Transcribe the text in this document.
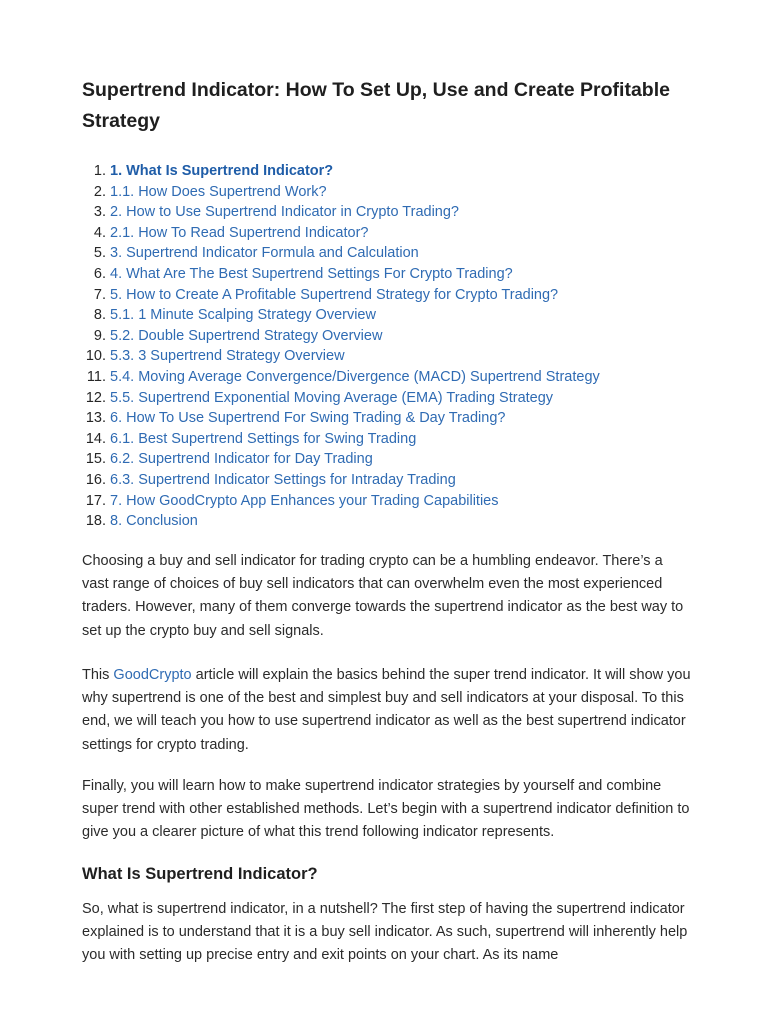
Supertrend Indicator: How To Set Up, Use and Create Profitable Strategy
1. 1. What Is Supertrend Indicator?
2. 1.1. How Does Supertrend Work?
3. 2. How to Use Supertrend Indicator in Crypto Trading?
4. 2.1. How To Read Supertrend Indicator?
5. 3. Supertrend Indicator Formula and Calculation
6. 4. What Are The Best Supertrend Settings For Crypto Trading?
7. 5. How to Create A Profitable Supertrend Strategy for Crypto Trading?
8. 5.1. 1 Minute Scalping Strategy Overview
9. 5.2. Double Supertrend Strategy Overview
10. 5.3. 3 Supertrend Strategy Overview
11. 5.4. Moving Average Convergence/Divergence (MACD) Supertrend Strategy
12. 5.5. Supertrend Exponential Moving Average (EMA) Trading Strategy
13. 6. How To Use Supertrend For Swing Trading & Day Trading?
14. 6.1. Best Supertrend Settings for Swing Trading
15. 6.2. Supertrend Indicator for Day Trading
16. 6.3. Supertrend Indicator Settings for Intraday Trading
17. 7. How GoodCrypto App Enhances your Trading Capabilities
18. 8. Conclusion

Choosing a buy and sell indicator for trading crypto can be a humbling endeavor. There’s a vast range of choices of buy sell indicators that can overwhelm even the most experienced traders. However, many of them converge towards the supertrend indicator as the best way to set up the crypto buy and sell signals.

This GoodCrypto article will explain the basics behind the super trend indicator. It will show you why supertrend is one of the best and simplest buy and sell indicators at your disposal. To this end, we will teach you how to use supertrend indicator as well as the best supertrend indicator settings for crypto trading.

Finally, you will learn how to make supertrend indicator strategies by yourself and combine super trend with other established methods. Let’s begin with a supertrend indicator definition to give you a clearer picture of what this trend following indicator represents.

What Is Supertrend Indicator?

So, what is supertrend indicator, in a nutshell? The first step of having the supertrend indicator explained is to understand that it is a buy sell indicator. As such, supertrend will inherently help you with setting up precise entry and exit points on your chart. As its name
